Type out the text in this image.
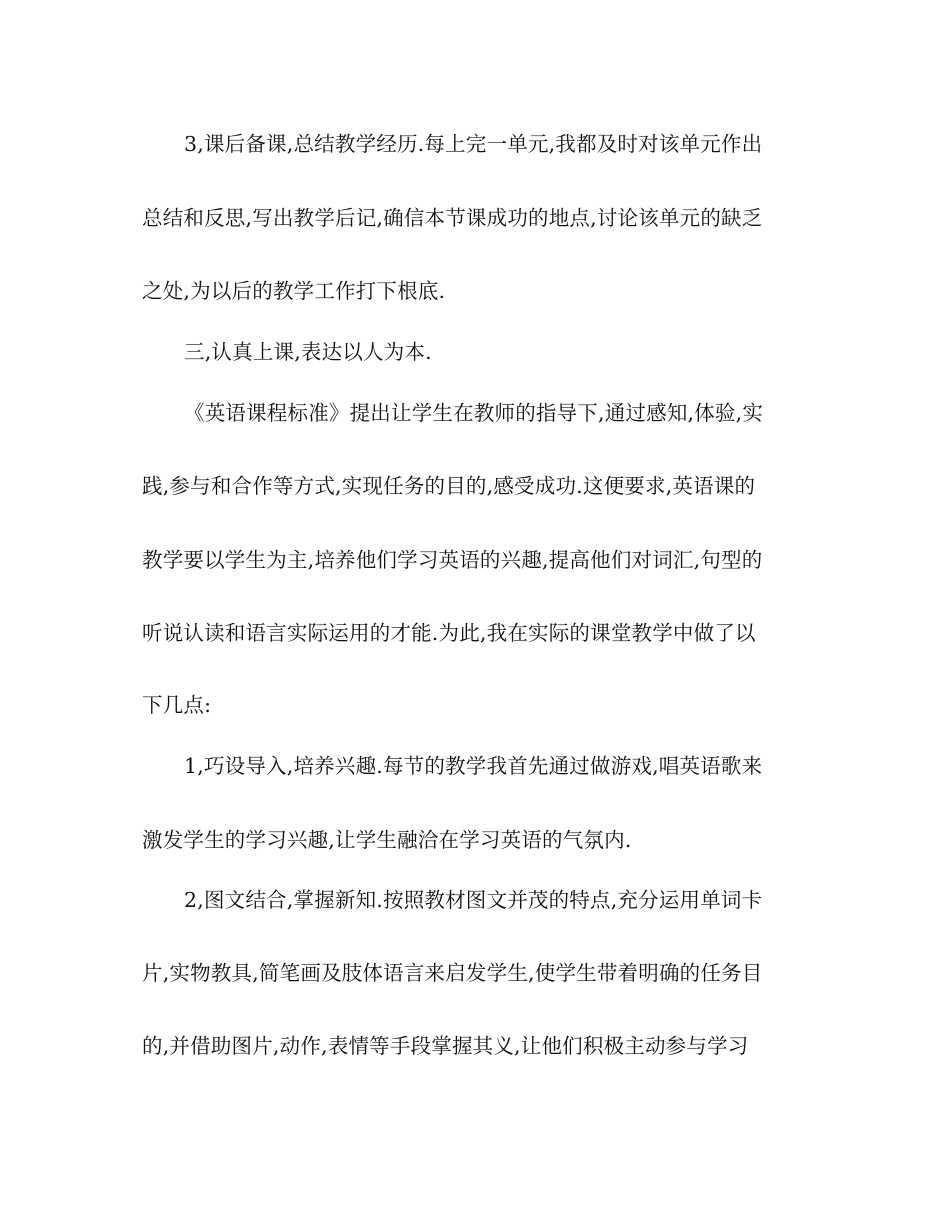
3,课后备课,总结教学经历.每上完一单元,我都及时对该单元作出
总结和反思,写出教学后记,确信本节课成功的地点,讨论该单元的缺乏
之处,为以后的教学工作打下根底.
三,认真上课,表达以人为本.
《英语课程标准》提出让学生在教师的指导下,通过感知,体验,实
践,参与和合作等方式,实现任务的目的,感受成功.这便要求,英语课的
教学要以学生为主,培养他们学习英语的兴趣,提高他们对词汇,句型的
听说认读和语言实际运用的才能.为此,我在实际的课堂教学中做了以
下几点:
1,巧设导入,培养兴趣.每节的教学我首先通过做游戏,唱英语歌来
激发学生的学习兴趣,让学生融洽在学习英语的气氛内.
2,图文结合,掌握新知.按照教材图文并茂的特点,充分运用单词卡
片,实物教具,简笔画及肢体语言来启发学生,使学生带着明确的任务目
的,并借助图片,动作,表情等手段掌握其义,让他们积极主动参与学习
